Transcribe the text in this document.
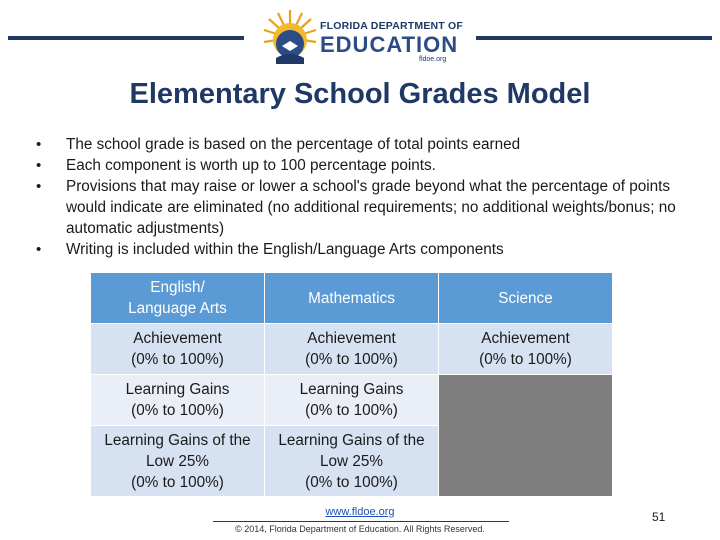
FLORIDA DEPARTMENT OF
EDUCATION
fldoe.org
Elementary School Grades Model
• The school grade is based on the percentage of total points earned
• Each component is worth up to 100 percentage points.
• Provisions that may raise or lower a school's grade beyond what the percentage of points would indicate are eliminated (no additional requirements; no additional weights/bonus; no automatic adjustments)
• Writing is included within the English/Language Arts components
English/
Language Arts	Mathematics	Science
Achievement
(0% to 100%)	Achievement
(0% to 100%)	Achievement
(0% to 100%)
Learning Gains
(0% to 100%)	Learning Gains
(0% to 100%)	
Learning Gains of the
Low 25%
(0% to 100%)	Learning Gains of the
Low 25%
(0% to 100%)	
www.fldoe.org
© 2014, Florida Department of Education. All Rights Reserved.
51
